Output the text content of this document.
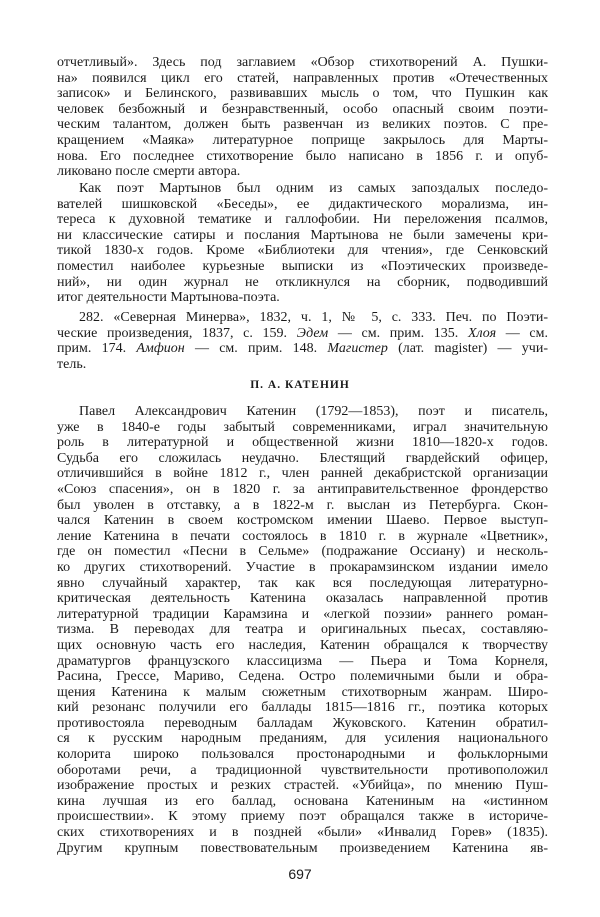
отчетливый». Здесь под заглавием «Обзор стихотворений А. Пушки-
на» появился цикл его статей, направленных против «Отечественных
записок» и Белинского, развивавших мысль о том, что Пушкин как
человек безбожный и безнравственный, особо опасный своим поэти-
ческим талантом, должен быть развенчан из великих поэтов. С пре-
кращением «Маяка» литературное поприще закрылось для Марты-
нова. Его последнее стихотворение было написано в 1856 г. и опуб-
ликовано после смерти автора.
Как поэт Мартынов был одним из самых запоздалых последо-
вателей шишковской «Беседы», ее дидактического морализма, ин-
тереса к духовной тематике и галлофобии. Ни переложения псалмов,
ни классические сатиры и послания Мартынова не были замечены кри-
тикой 1830-х годов. Кроме «Библиотеки для чтения», где Сенковский
поместил наиболее курьезные выписки из «Поэтических произведе-
ний», ни один журнал не откликнулся на сборник, подводивший
итог деятельности Мартынова-поэта.
282. «Северная Минерва», 1832, ч. 1, № 5, с. 333. Печ. по Поэти-
ческие произведения, 1837, с. 159. Эдем — см. прим. 135. Хлоя — см.
прим. 174. Амфион — см. прим. 148. Магистер (лат. magister) — учи-
тель.
П. А. КАТЕНИН
Павел Александрович Катенин (1792—1853), поэт и писатель,
уже в 1840-е годы забытый современниками, играл значительную
роль в литературной и общественной жизни 1810—1820-х годов.
Судьба его сложилась неудачно. Блестящий гвардейский офицер,
отличившийся в войне 1812 г., член ранней декабристской организации
«Союз спасения», он в 1820 г. за антиправительственное фрондерство
был уволен в отставку, а в 1822-м г. выслан из Петербурга. Скон-
чался Катенин в своем костромском имении Шаево. Первое выступ-
ление Катенина в печати состоялось в 1810 г. в журнале «Цветник»,
где он поместил «Песни в Сельме» (подражание Оссиану) и несколь-
ко других стихотворений. Участие в прокарамзинском издании имело
явно случайный характер, так как вся последующая литературно-
критическая деятельность Катенина оказалась направленной против
литературной традиции Карамзина и «легкой поэзии» раннего роман-
тизма. В переводах для театра и оригинальных пьесах, составляю-
щих основную часть его наследия, Катенин обращался к творчеству
драматургов французского классицизма — Пьера и Тома Корнеля,
Расина, Грессе, Мариво, Седена. Остро полемичными были и обра-
щения Катенина к малым сюжетным стихотворным жанрам. Широ-
кий резонанс получили его баллады 1815—1816 гг., поэтика которых
противостояла переводным балладам Жуковского. Катенин обратил-
ся к русским народным преданиям, для усиления национального
колорита широко пользовался простонародными и фольклорными
оборотами речи, а традиционной чувствительности противоположил
изображение простых и резких страстей. «Убийца», по мнению Пуш-
кина лучшая из его баллад, основана Катениным на «истинном
происшествии». К этому приему поэт обращался также в историче-
ских стихотворениях и в поздней «были» «Инвалид Горев» (1835).
Другим крупным повествовательным произведением Катенина яв-
697
